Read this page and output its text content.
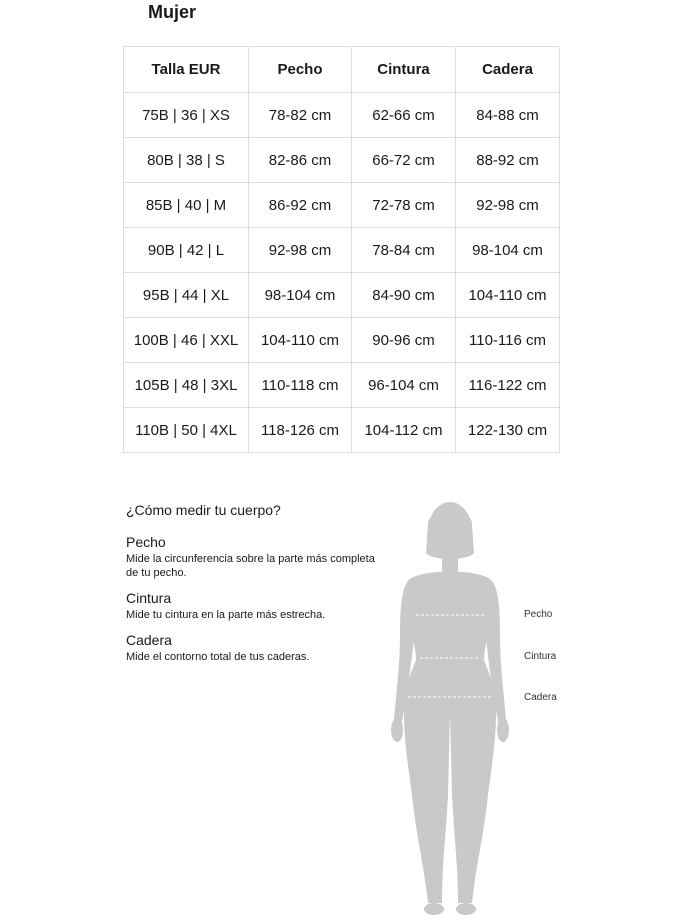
Mujer
Talla EUR	Pecho	Cintura	Cadera
75B | 36 | XS	78-82 cm	62-66 cm	84-88 cm
80B | 38 | S	82-86 cm	66-72 cm	88-92 cm
85B | 40 | M	86-92 cm	72-78 cm	92-98 cm
90B | 42 | L	92-98 cm	78-84 cm	98-104 cm
95B | 44 | XL	98-104 cm	84-90 cm	104-110 cm
100B | 46 | XXL	104-110 cm	90-96 cm	110-116 cm
105B | 48 | 3XL	110-118 cm	96-104 cm	116-122 cm
110B | 50 | 4XL	118-126 cm	104-112 cm	122-130 cm
¿Cómo medir tu cuerpo?
Pecho

Mide la circunferencia sobre la parte más completa de tu pecho.

Cintura

Mide tu cintura en la parte más estrecha.

Cadera

Mide el contorno total de tus caderas.

Pecho
Cintura
Cadera
